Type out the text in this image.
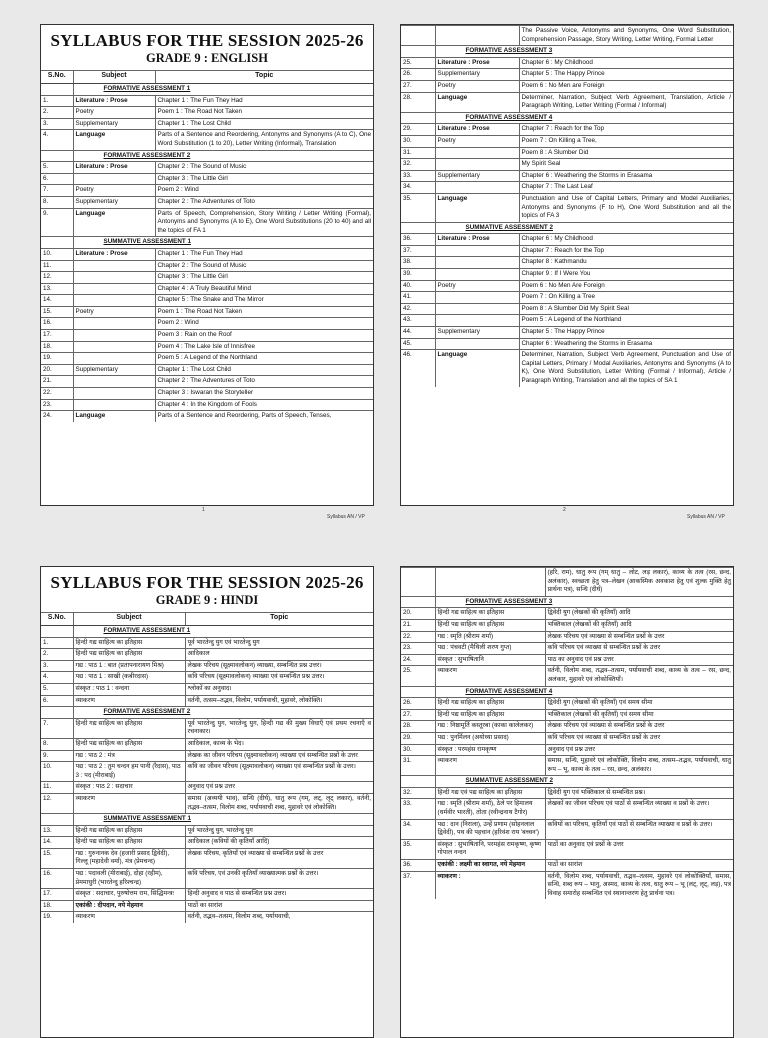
SYLLABUS FOR THE SESSION 2025-26
GRADE 9 : ENGLISH
S.No.	Subject	Topic
	FORMATIVE ASSESSMENT 1	
1.	Literature : Prose	Chapter 1 : The Fun They Had
2.	Poetry	Poem 1 : The Road Not Taken
3.	Supplementary	Chapter 1 : The Lost Child
4.	Language	Parts of a Sentence and Reordering, Antonyms and Synonyms (A to C), One Word Substitution (1 to 20), Letter Writing (Informal), Translation
	FORMATIVE ASSESSMENT 2	
5.	Literature : Prose	Chapter 2 : The Sound of Music
6.		Chapter 3 : The Little Girl
7.	Poetry	Poem 2 : Wind
8.	Supplementary	Chapter 2 : The Adventures of Toto
9.	Language	Parts of Speech, Comprehension, Story Writing / Letter Writing (Formal), Antonyms and Synonyms (A to E), One Word Substitutions (20 to 40) and all the topics of FA 1
	SUMMATIVE ASSESSMENT 1	
10.	Literature : Prose	Chapter 1 : The Fun They Had
11.		Chapter 2 : The Sound of Music
12.		Chapter 3 : The Little Girl
13.		Chapter 4 : A Truly Beautiful Mind
14.		Chapter 5 : The Snake and The Mirror
15.	Poetry	Poem 1 : The Road Not Taken
16.		Poem 2 : Wind
17.		Poem 3 : Rain on the Roof
18.		Poem 4 : The Lake Isle of Innisfree
19.		Poem 5 : A Legend of the Northland
20.	Supplementary	Chapter 1 : The Lost Child
21.		Chapter 2 : The Adventures of Toto
22.		Chapter 3 : Iswaran the Storyteller
23.		Chapter 4 : In the Kingdom of Fools
24.	Language	Parts of a Sentence and Reordering, Parts of Speech, Tenses,
1
Syllabus AN / VP
		The Passive Voice, Antonyms and Synonyms, One Word Substitution, Comprehension Passage, Story Writing, Letter Writing, Formal Letter
	FORMATIVE ASSESSMENT 3	
25.	Literature : Prose	Chapter 6 : My Childhood
26.	Supplementary	Chapter 5 : The Happy Prince
27.	Poetry	Poem 6 : No Men are Foreign
28.	Language	Determiner, Narration, Subject Verb Agreement, Translation, Article / Paragraph Writing, Letter Writing (Formal / Informal)
	FORMATIVE ASSESSMENT 4	
29.	Literature : Prose	Chapter 7 : Reach for the Top
30.	Poetry	Poem 7 : On Killing a Tree,
31.		Poem 8 : A Slumber Did
32.		My Spirit Seal
33.	Supplementary	Chapter 6 : Weathering the Storms in Erasama
34.		Chapter 7 : The Last Leaf
35.	Language	Punctuation and Use of Capital Letters, Primary and Model Auxiliaries, Antonyms and Synonyms (F to H), One Word Substitution and all the topics of FA 3
	SUMMATIVE ASSESSMENT 2	
36.	Literature : Prose	Chapter 6 : My Childhood
37.		Chapter 7 : Reach for the Top
38.		Chapter 8 : Kathmandu
39.		Chapter 9 : If I Were You
40.	Poetry	Poem 6 : No Men Are Foreign
41.		Poem 7 : On Killing a Tree
42.		Poem 8 : A Slumber Did My Spirit Seal
43.		Poem 5 : A Legend of the Northland
44.	Supplementary	Chapter 5 : The Happy Prince
45.		Chapter 6 : Weathering the Storms in Erasama
46.	Language	Determiner, Narration, Subject Verb Agreement, Punctuation and Use of Capital Letters, Primary / Modal Auxiliaries, Antonyms and Synonyms (A to K), One Word Substitution, Letter Writing (Formal / Informal), Article / Paragraph Writing, Translation and all the topics of SA 1
2
Syllabus AN / VP
SYLLABUS FOR THE SESSION 2025-26
GRADE 9 : HINDI
S.No.	Subject	Topic
	FORMATIVE ASSESSMENT 1	
1.	हिन्दी गद्य साहित्य का इतिहास	पूर्व भारतेन्दु युग एवं भारतेन्दु युग
2.	हिन्दी पद्य साहित्य का इतिहास	आदिकाल
3.	गद्य : पाठ 1 : बात (प्रतापनारायण मिश्र)	लेखक परिचय (सूक्ष्मावलोकन) व्याख्या, सम्बन्धित प्रश्न उत्तर।
4.	पद्य : पाठ 1 : साखी (कबीरदास)	कवि परिचय (सूक्ष्मावलोकन) व्याख्या एवं सम्बन्धित प्रश्न उत्तर।
5.	संस्कृत : पाठ 1 : वन्दना	श्लोकों का अनुवाद।
6.	व्याकरण	वर्तनी, तत्सम–तद्भव, विलोम, पर्यायवाची, मुहावरे, लोकोक्ति।
	FORMATIVE ASSESSMENT 2	
7.	हिन्दी गद्य साहित्य का इतिहास	पूर्व भारतेन्दु युग, भारतेन्दु युग, हिन्दी गद्य की मुख्य विधाएँ एवं प्रथम रचनाएँ व रचनाकार।
8.	हिन्दी पद्य साहित्य का इतिहास	आदिकाल, काव्य के भेद।
9.	गद्य : पाठ 2 : मंत्र	लेखक का जीवन परिचय (सूक्ष्मावलोकन) व्याख्या एवं सम्बन्धित प्रश्नों के उत्तर
10.	पद्य : पाठ 2 : तुम चन्दन हम पानी (रैदास), पाठ 3 : पद (मीराबाई)	कवि का जीवन परिचय (सूक्ष्मावलोकन) व्याख्या एवं सम्बन्धित प्रश्नों के उत्तर।
11.	संस्कृत : पाठ 2 : सदाचार	अनुवाद एवं प्रश्न उत्तर
12.	व्याकरण	समास (अव्ययी भाव), सन्धि (दीर्घ), धातु रूप (गम्, लट्, लृट् लकार), वर्तनी, तद्भव–तत्सम, विलोम शब्द, पर्यायवाची शब्द, मुहावरे एवं लोकोक्ति।
	SUMMATIVE ASSESSMENT 1	
13.	हिन्दी गद्य साहित्य का इतिहास	पूर्व भारतेन्दु युग, भारतेन्दु युग
14.	हिन्दी पद्य साहित्य का इतिहास	आदिकाल (कवियों की कृतियाँ आदि)
15.	गद्य : गुरुनानक देव (हजारी प्रसाद द्विवेदी), गिल्लू (महादेवी वर्मा), मंत्र (प्रेमचन्द)	लेखक परिचय, कृतियाँ एवं व्याख्या से सम्बन्धित प्रश्नों के उत्तर
16.	पद्य : पदावली (मीराबाई), दोहा (रहीम), प्रेममाधुरी (भारतेन्दु हरिश्चन्द्र)	कवि परिचय, एवं उनकी कृतियाँ व्याख्यात्मक प्रश्नों के उत्तर।
17.	संस्कृत : सदाचार, पुरुषोत्तम राम, सिद्धिमन्त्रः	हिन्दी अनुवाद व पाठ से सम्बन्धित प्रश्न उत्तर।
18.	एकांकी : दीपदान, नये मेहमान	पाठों का सारांश
19.	व्याकरण	वर्तनी, तद्भव–तत्सम, विलोम शब्द, पर्यायवाची,
		(हरि, राम), धातु रूप (गम् धातु – लोट, लड़ लकार), काव्य के तत्व (रस, छन्द, अलंकार), स्वच्छता हेतु पत्र–लेखन (आकस्मिक अवकाश हेतु एवं शुल्क मुक्ति हेतु प्रार्थना पत्र), सन्धि (दीर्घ)
	FORMATIVE ASSESSMENT 3	
20.	हिन्दी गद्य साहित्य का इतिहास	द्विवेदी युग (लेखकों की कृतियाँ) आदि
21.	हिन्दी पद्य साहित्य का इतिहास	भक्तिकाल (लेखकों की कृतियाँ) आदि
22.	गद्य : स्मृति (श्रीराम शर्मा)	लेखक परिचय एवं व्याख्या से सम्बन्धित प्रश्नों के उत्तर
23.	पद्य : पंचवटी (मैथिली शरण गुप्त)	कवि परिचय एवं व्याख्या से सम्बन्धित प्रश्नों के उत्तर
24.	संस्कृत : सुभाषितानि	पाठ का अनुवाद एवं प्रश्न उत्तर
25.	व्याकरण	वर्तनी, विलोम शब्द, तद्भव–तत्सम, पर्यायवाची शब्द, काव्य के तत्व – रस, छन्द, अलंकार, मुहावरे एवं लोकोक्तियाँ।
	FORMATIVE ASSESSMENT 4	
26.	हिन्दी गद्य साहित्य का इतिहास	द्विवेदी युग (लेखकों की कृतियाँ) एवं समय सीमा
27.	हिन्दी पद्य साहित्य का इतिहास	भक्तिकाल (लेखकों की कृतियाँ) एवं समय सीमा
28.	गद्य : निष्ठामूर्ति कस्तूरबा (काका कालेलकर)	लेखक परिचय एवं व्याख्या से सम्बन्धित प्रश्नों के उत्तर
29.	पद्य : पुनर्मिलन (अयोध्या प्रसाद)	कवि परिचय एवं व्याख्या से सम्बन्धित प्रश्नों के उत्तर
30.	संस्कृत : परमहंस रामकृष्ण	अनुवाद एवं प्रश्न उत्तर
31.	व्याकरण	समास, सन्धि, मुहावरे एवं लोकोक्ति, विलोम शब्द, तत्सम–तद्भव, पर्यायवाची, धातु रूप – भू, काव्य के तत्व – रस, छन्द, अलंकार।
	SUMMATIVE ASSESSMENT 2	
32.	हिन्दी गद्य एवं पद्य साहित्य का इतिहास	द्विवेदी युग एवं भक्तिकाल से सम्बन्धित प्रश्न।
33.	गद्य : स्मृति (श्रीराम शर्मा), ठेले पर हिमालय (धर्मवीर भारती), तोता (रवीन्द्रनाथ टैगोर)	लेखकों का जीवन परिचय एवं पाठों से सम्बन्धित व्याख्या व प्रश्नों के उत्तर।
34.	पद्य : दान (निराला), उन्हें प्रणाम (सोहनलाल द्विवेदी), पथ की पहचान (हरिवंश राय 'बच्चन')	कवियों का परिचय, कृतियाँ एवं पाठों से सम्बन्धित व्याख्या व प्रश्नों के उत्तर।
35.	संस्कृत : सुभाषितानि, परमहंस रामकृष्ण, कृष्ण गोपाल नन्दन	पाठों का अनुवाद एवं प्रश्नों के उत्तर
36.	एकांकी : लक्ष्मी का स्वागत, नये मेहमान	पाठों का सारांश
37.	व्याकरण :	वर्तनी, विलोम शब्द, पर्यायवाची, तद्भव–तत्सम, मुहावरे एवं लोकोक्तियाँ, समास, सन्धि, शब्द रूप – भानु, अस्मद, काव्य के तत्व, धातु रूप – भू (लट्, लृट्, लड़), पत्र विवाह समारोह सम्बन्धित एवं स्थानान्तरण हेतु प्रार्थना पत्र।
